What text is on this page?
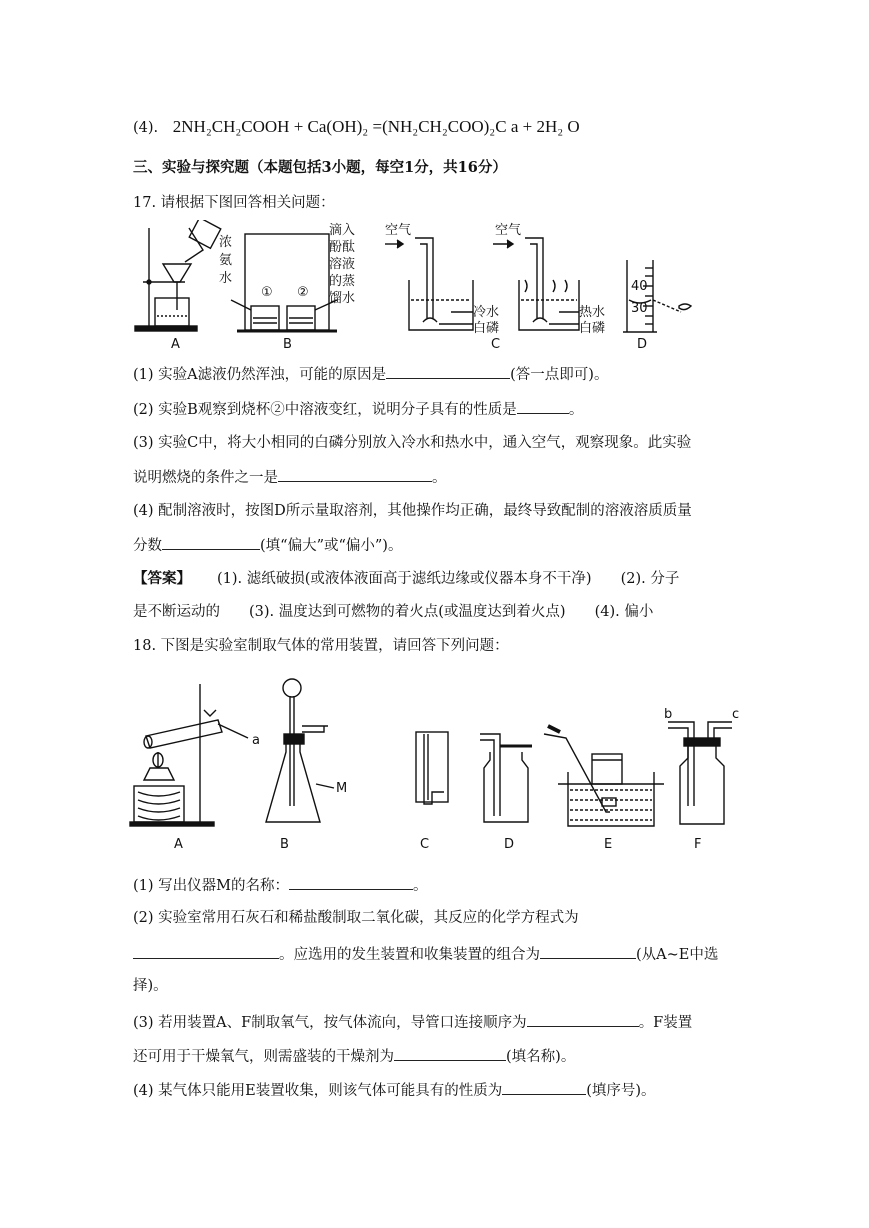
(4). 2NH₂CH₂COOH + Ca(OH)₂ =(NH₂CH₂COO)₂C a + 2H₂ O
三、实验与探究题（本题包括3小题，每空1分，共16分）
17. 请根据下图回答相关问题：
A
① ②
浓氨水
滴入酚酞溶液的蒸馏水
B
空气	空气
冷水
白磷
热水
白磷
C
40
30
D
(1) 实验A滤液仍然浑浊，可能的原因是	(答一点即可)。
(2) 实验B观察到烧杯②中溶液变红，说明分子具有的性质是	。
(3) 实验C中，将大小相同的白磷分别放入冷水和热水中，通入空气，观察现象。此实验
说明燃烧的条件之一是	。
(4) 配制溶液时，按图D所示量取溶剂，其他操作均正确，最终导致配制的溶液溶质质量
分数	(填“偏大”或“偏小”)。
【答案】 (1). 滤纸破损(或液体液面高于滤纸边缘或仪器本身不干净)　　(2). 分子
是不断运动的　　(3). 温度达到可燃物的着火点(或温度达到着火点)　　(4). 偏小
18. 下图是实验室制取气体的常用装置，请回答下列问题：
a
A
M
B	C	D	E
b	c
F
(1) 写出仪器M的名称：	。
(2) 实验室常用石灰石和稀盐酸制取二氧化碳，其反应的化学方程式为
。应选用的发生装置和收集装置的组合为	(从A~E中选
择)。
(3) 若用装置A、F制取氧气，按气体流向，导管口连接顺序为	。F装置
还可用于干燥氧气，则需盛装的干燥剂为	(填名称)。
(4) 某气体只能用E装置收集，则该气体可能具有的性质为	(填序号)。
